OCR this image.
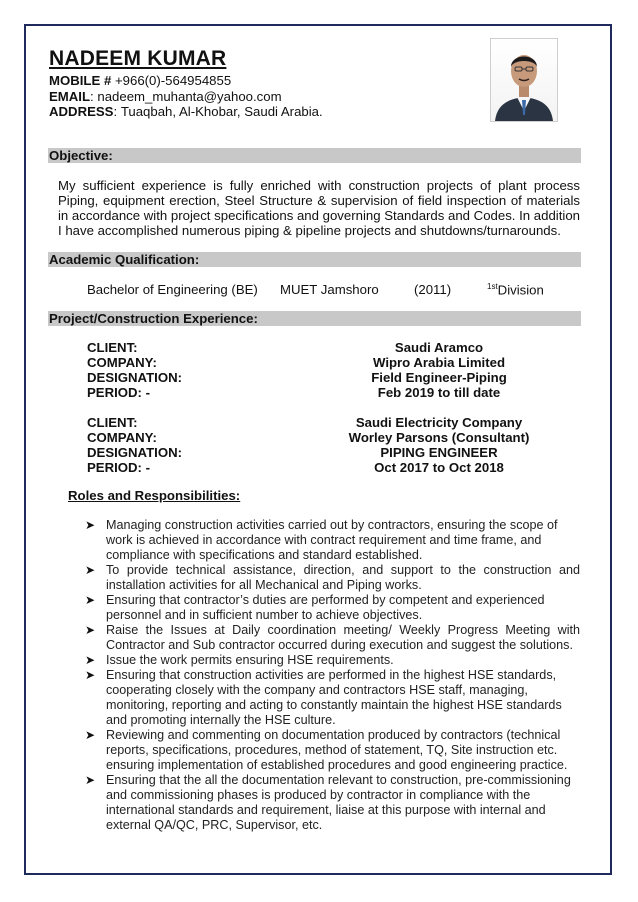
NADEEM KUMAR
MOBILE # +966(0)-564954855
EMAIL: nadeem_muhanta@yahoo.com
ADDRESS: Tuaqbah, Al-Khobar, Saudi Arabia.
Objective:
My sufficient experience is fully enriched with construction projects of plant process Piping, equipment erection, Steel Structure & supervision of field inspection of materials in accordance with project specifications and governing Standards and Codes. In addition I have accomplished numerous piping & pipeline projects and shutdowns/turnarounds.
Academic Qualification:
Bachelor of Engineering (BE) MUET Jamshoro	(2011)	$^{1st}$Division
Project/Construction Experience:
CLIENT:
COMPANY:
DESIGNATION:
PERIOD: -
Saudi Aramco
Wipro Arabia Limited
Field Engineer-Piping
Feb 2019 to till date
CLIENT:
COMPANY:
DESIGNATION:
PERIOD: -
Saudi Electricity Company
Worley Parsons (Consultant)
PIPING ENGINEER
Oct 2017 to Oct 2018
Roles and Responsibilities:
➤ Managing construction activities carried out by contractors, ensuring the scope of work is achieved in accordance with contract requirement and time frame, and compliance with specifications and standard established.
➤ To provide technical assistance, direction, and support to the construction and installation activities for all Mechanical and Piping works.
➤ Ensuring that contractor’s duties are performed by competent and experienced personnel and in sufficient number to achieve objectives.
➤ Raise the Issues at Daily coordination meeting/ Weekly Progress Meeting with Contractor and Sub contractor occurred during execution and suggest the solutions.
➤ Issue the work permits ensuring HSE requirements.
➤ Ensuring that construction activities are performed in the highest HSE standards, cooperating closely with the company and contractors HSE staff, managing, monitoring, reporting and acting to constantly maintain the highest HSE standards and promoting internally the HSE culture.
➤ Reviewing and commenting on documentation produced by contractors (technical reports, specifications, procedures, method of statement, TQ, Site instruction etc. ensuring implementation of established procedures and good engineering practice.
➤ Ensuring that the all the documentation relevant to construction, pre-commissioning and commissioning phases is produced by contractor in compliance with the international standards and requirement, liaise at this purpose with internal and external QA/QC, PRC, Supervisor, etc.
